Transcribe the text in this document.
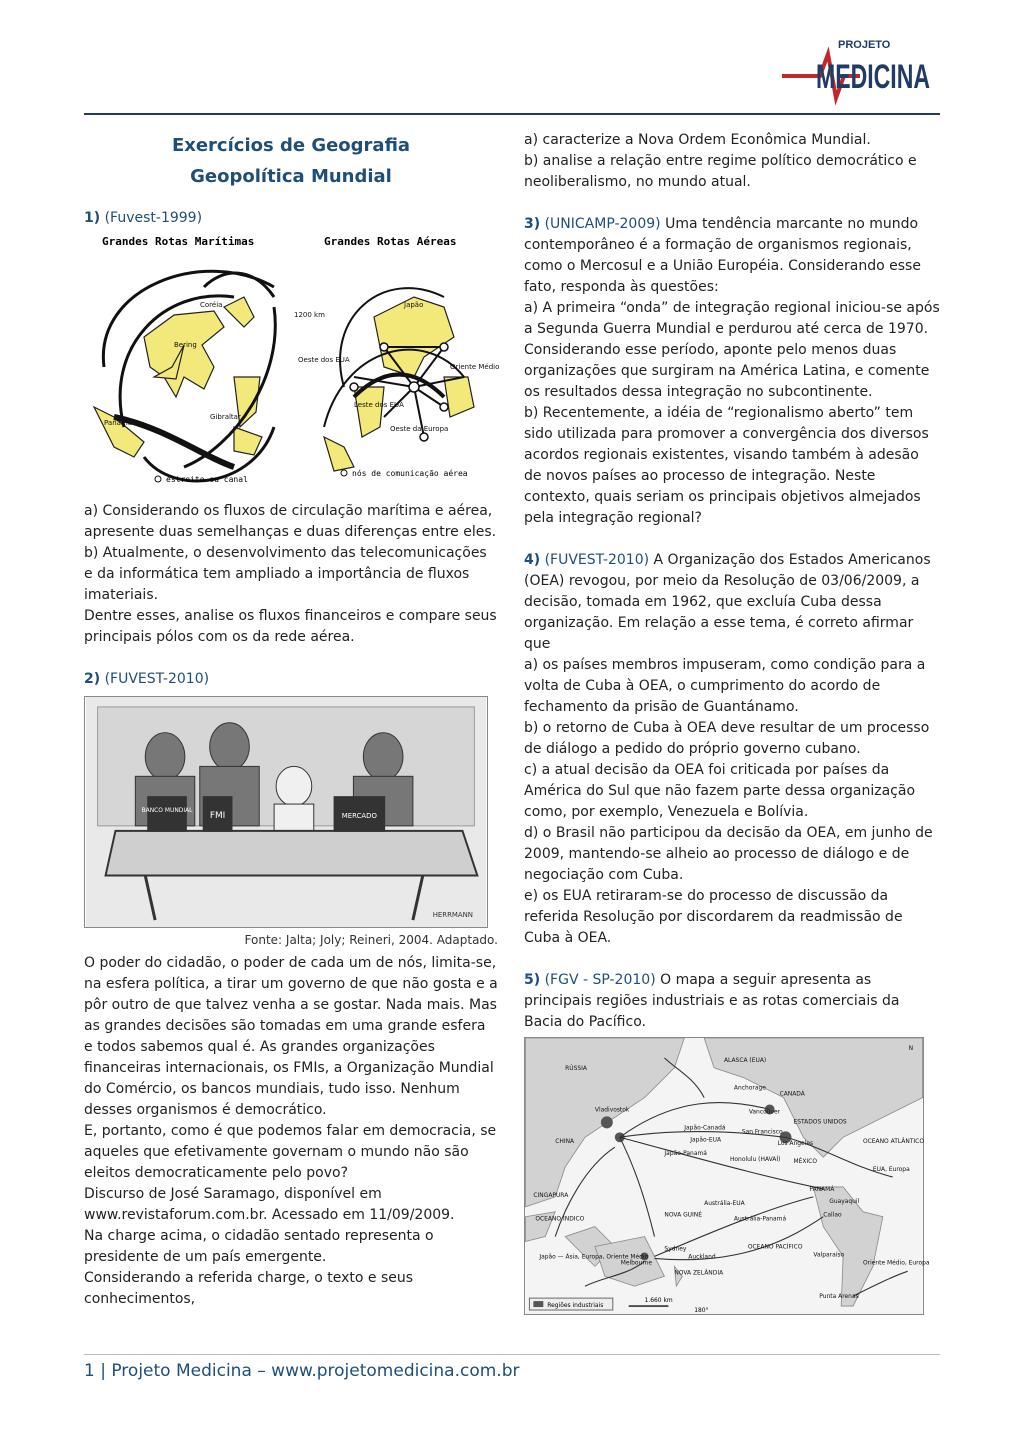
PROJETO
MEDICINA
Exercícios de Geografia
Geopolítica Mundial
1) (Fuvest-1999)
Grandes Rotas Marítimas	Grandes Rotas Aéreas
Coréia
Bering
Panamá
Gibraltar
1200 km
Japão
Oeste dos EUA
Oriente Médio
Leste dos EUA
Oeste da Europa
estreito ou canal
nós de comunicação aérea

a) Considerando os fluxos de circulação marítima e aérea, apresente duas semelhanças e duas diferenças entre eles.

b) Atualmente, o desenvolvimento das telecomunicações e da informática tem ampliado a importância de fluxos imateriais.

Dentre esses, analise os fluxos financeiros e compare seus principais pólos com os da rede aérea.

2) (FUVEST-2010)
BANCO MUNDIAL
FMI	MERCADO
HERRMANN
Fonte: Jalta; Joly; Reineri, 2004. Adaptado.

O poder do cidadão, o poder de cada um de nós, limita-se, na esfera política, a tirar um governo de que não gosta e a pôr outro de que talvez venha a se gostar. Nada mais. Mas as grandes decisões são tomadas em uma grande esfera e todos sabemos qual é. As grandes organizações financeiras internacionais, os FMIs, a Organização Mundial do Comércio, os bancos mundiais, tudo isso. Nenhum desses organismos é democrático.

E, portanto, como é que podemos falar em democracia, se aqueles que efetivamente governam o mundo não são eleitos democraticamente pelo povo?

Discurso de José Saramago, disponível em www.revistaforum.com.br. Acessado em 11/09/2009.

Na charge acima, o cidadão sentado representa o presidente de um país emergente.

Considerando a referida charge, o texto e seus conhecimentos,

a) caracterize a Nova Ordem Econômica Mundial.

b) analise a relação entre regime político democrático e neoliberalismo, no mundo atual.

3) (UNICAMP-2009) Uma tendência marcante no mundo contemporâneo é a formação de organismos regionais, como o Mercosul e a União Européia. Considerando esse fato, responda às questões:

a) A primeira “onda” de integração regional iniciou-se após a Segunda Guerra Mundial e perdurou até cerca de 1970. Considerando esse período, aponte pelo menos duas organizações que surgiram na América Latina, e comente os resultados dessa integração no subcontinente.

b) Recentemente, a idéia de “regionalismo aberto” tem sido utilizada para promover a convergência dos diversos acordos regionais existentes, visando também à adesão de novos países ao processo de integração. Neste contexto, quais seriam os principais objetivos almejados pela integração regional?

4) (FUVEST-2010) A Organização dos Estados Americanos (OEA) revogou, por meio da Resolução de 03/06/2009, a decisão, tomada em 1962, que excluía Cuba dessa organização. Em relação a esse tema, é correto afirmar que

a) os países membros impuseram, como condição para a volta de Cuba à OEA, o cumprimento do acordo de fechamento da prisão de Guantánamo.

b) o retorno de Cuba à OEA deve resultar de um processo de diálogo a pedido do próprio governo cubano.

c) a atual decisão da OEA foi criticada por países da América do Sul que não fazem parte dessa organização como, por exemplo, Venezuela e Bolívia.

d) o Brasil não participou da decisão da OEA, em junho de 2009, mantendo-se alheio ao processo de diálogo e de negociação com Cuba.

e) os EUA retiraram-se do processo de discussão da referida Resolução por discordarem da readmissão de Cuba à OEA.

5) (FGV - SP-2010) O mapa a seguir apresenta as principais regiões industriais e as rotas comerciais da Bacia do Pacífico.

RÚSSIA
ALASCA (EUA)
Anchorage
CANADÁ
Vancouver
ESTADOS UNIDOS
San Francisco
Los Angeles
CHINA
Vladivostok
Japão-Canadá
Japão-EUA
Japão-Panamá
Honolulu (HAVAÍ) MÉXICO
OCEANO ATLÂNTICO
EUA, Europa
PANAMÁ
CINGAPURA
OCEANO ÍNDICO
Austrália-EUA
Austrália-Panamá
NOVA GUINÉ
OCEANO PACÍFICO
Sydney
Auckland
Melbourne
NOVA ZELÂNDIA
Japão — Ásia, Europa, Oriente Médio
Oriente Médio, Europa
Punta Arenas
Valparaíso
Callao
Guayaquil
N
Regiões industriais
1.660 km
180°
1 | Projeto Medicina – www.projetomedicina.com.br
